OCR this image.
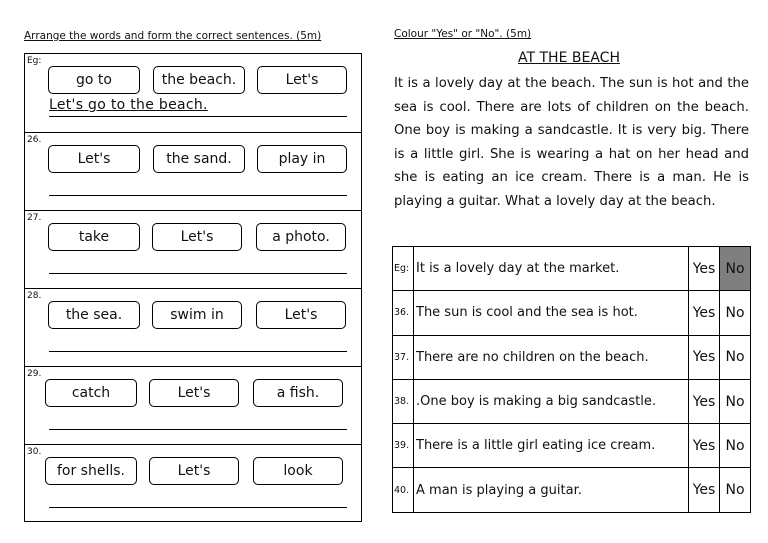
Arrange the words and form the correct sentences. (5m)
Eg:
go to	the beach.	Let's
Let's go to the beach.
26.
Let's	the sand.	play in
27.
take	Let's	a photo.
28.
the sea.	swim in	Let's
29.
catch	Let's	a fish.
30.
for shells.	Let's	look
Colour "Yes" or "No". (5m)
AT THE BEACH
It is a lovely day at the beach. The sun is hot and the sea is cool. There are lots of children on the beach. One boy is making a sandcastle. It is very big. There is a little girl. She is wearing a hat on her head and she is eating an ice cream. There is a man. He is playing a guitar. What a lovely day at the beach.
Eg:	It is a lovely day at the market.	Yes	No
36.	The sun is cool and the sea is hot.	Yes	No
37.	There are no children on the beach.	Yes	No
38.	.One boy is making a big sandcastle.	Yes	No
39.	There is a little girl eating ice cream.	Yes	No
40.	A man is playing a guitar.	Yes	No
